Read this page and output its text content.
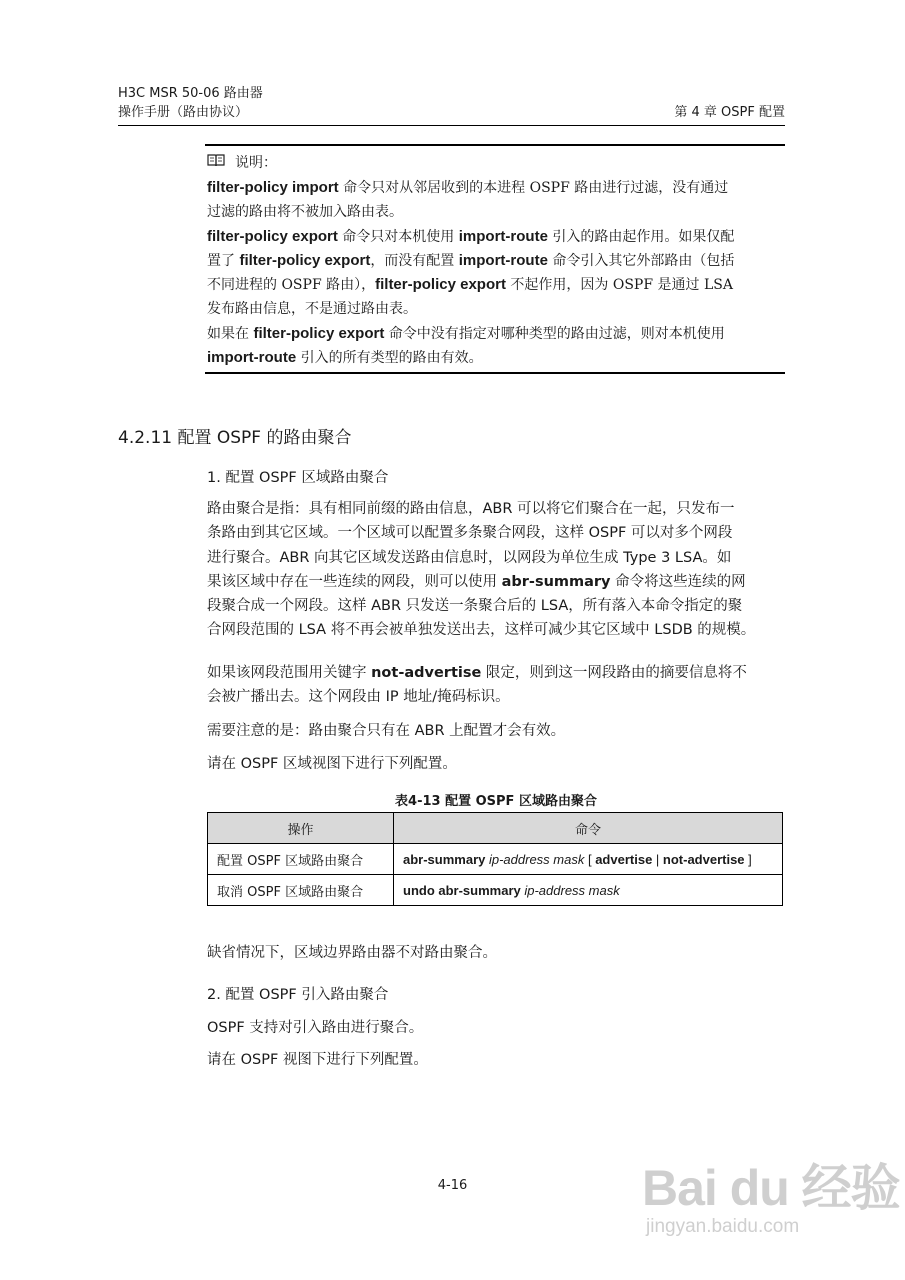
H3C MSR 50-06 路由器
操作手册（路由协议）	第 4 章 OSPF 配置
说明：
filter-policy import 命令只对从邻居收到的本进程 OSPF 路由进行过滤，没有通过
过滤的路由将不被加入路由表。
filter-policy export 命令只对本机使用 import-route 引入的路由起作用。如果仅配
置了 filter-policy export，而没有配置 import-route 命令引入其它外部路由（包括
不同进程的 OSPF 路由），filter-policy export 不起作用，因为 OSPF 是通过 LSA
发布路由信息，不是通过路由表。
如果在 filter-policy export 命令中没有指定对哪种类型的路由过滤，则对本机使用
import-route 引入的所有类型的路由有效。
4.2.11 配置 OSPF 的路由聚合
1. 配置 OSPF 区域路由聚合
路由聚合是指：具有相同前缀的路由信息，ABR 可以将它们聚合在一起，只发布一
条路由到其它区域。一个区域可以配置多条聚合网段，这样 OSPF 可以对多个网段
进行聚合。ABR 向其它区域发送路由信息时，以网段为单位生成 Type 3 LSA。如
果该区域中存在一些连续的网段，则可以使用 abr-summary 命令将这些连续的网
段聚合成一个网段。这样 ABR 只发送一条聚合后的 LSA，所有落入本命令指定的聚
合网段范围的 LSA 将不再会被单独发送出去，这样可减少其它区域中 LSDB 的规模。
如果该网段范围用关键字 not-advertise 限定，则到这一网段路由的摘要信息将不
会被广播出去。这个网段由 IP 地址/掩码标识。
需要注意的是：路由聚合只有在 ABR 上配置才会有效。
请在 OSPF 区域视图下进行下列配置。
表4-13 配置 OSPF 区域路由聚合
操作	命令
配置 OSPF 区域路由聚合	abr-summary ip-address mask [ advertise | not-advertise ]
取消 OSPF 区域路由聚合	undo abr-summary ip-address mask
缺省情况下，区域边界路由器不对路由聚合。
2. 配置 OSPF 引入路由聚合
OSPF 支持对引入路由进行聚合。
请在 OSPF 视图下进行下列配置。
4-16	Bai du 经验
jingyan.baidu.com
